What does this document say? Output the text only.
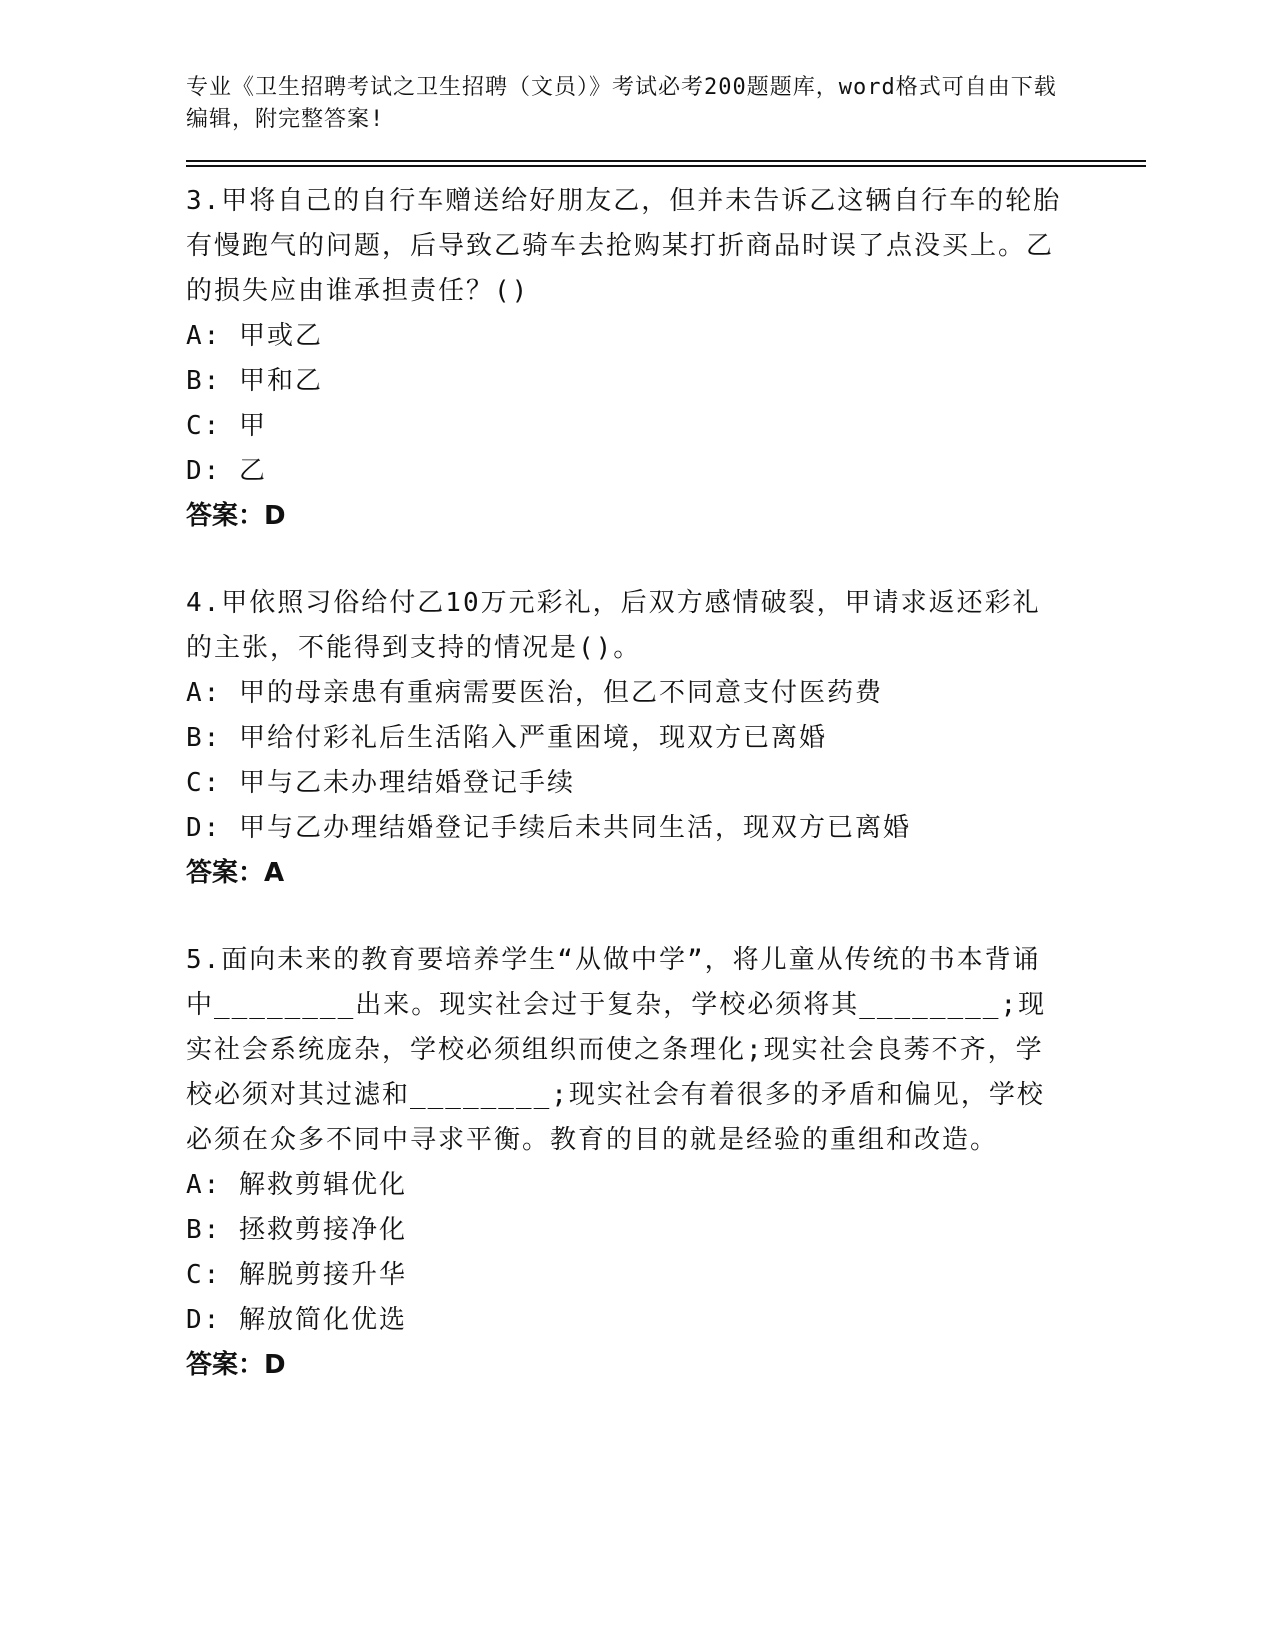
专业《卫生招聘考试之卫生招聘（文员）》考试必考200题题库，word格式可自由下载编辑，附完整答案!

3.甲将自己的自行车赠送给好朋友乙，但并未告诉乙这辆自行车的轮胎有慢跑气的问题，后导致乙骑车去抢购某打折商品时误了点没买上。乙的损失应由谁承担责任？()

A: 甲或乙

B: 甲和乙

C: 甲

D: 乙

答案：D

4.甲依照习俗给付乙10万元彩礼，后双方感情破裂，甲请求返还彩礼的主张，不能得到支持的情况是()。

A: 甲的母亲患有重病需要医治，但乙不同意支付医药费

B: 甲给付彩礼后生活陷入严重困境，现双方已离婚

C: 甲与乙未办理结婚登记手续

D: 甲与乙办理结婚登记手续后未共同生活，现双方已离婚

答案：A

5.面向未来的教育要培养学生“从做中学”，将儿童从传统的书本背诵中________出来。现实社会过于复杂，学校必须将其________;现实社会系统庞杂，学校必须组织而使之条理化;现实社会良莠不齐，学校必须对其过滤和________;现实社会有着很多的矛盾和偏见，学校必须在众多不同中寻求平衡。教育的目的就是经验的重组和改造。

A: 解救剪辑优化

B: 拯救剪接净化

C: 解脱剪接升华

D: 解放简化优选

答案：D
